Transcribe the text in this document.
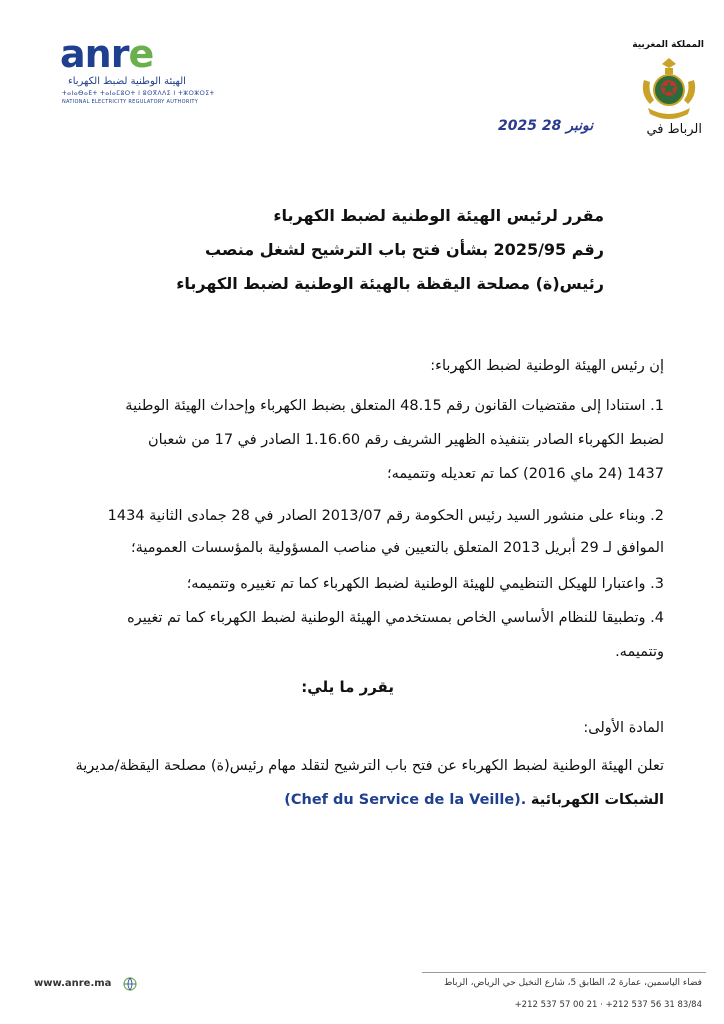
anre
الهيئة الوطنية لضبط الكهرباء
ⵜⴰⵏⴰⴱⴰⴹⵜ ⵜⴰⵏⴰⵎⵓⵔⵜ ⵏ ⵓⵙⴳⴷⴷⵉ ⵏ ⵜⵣⵔⵣⵔⵉⵜ
NATIONAL ELECTRICITY REGULATORY AUTHORITY
المملكة المغربية
الرباط في
2025 نونبر 28
مقرر لرئيس الهيئة الوطنية لضبط الكهرباء
رقم 2025/95 بشأن فتح باب الترشيح لشغل منصب
رئيس(ة) مصلحة اليقظة بالهيئة الوطنية لضبط الكهرباء
إن رئيس الهيئة الوطنية لضبط الكهرباء:
1. استنادا إلى مقتضيات القانون رقم 48.15 المتعلق بضبط الكهرباء وإحداث الهيئة الوطنية
لضبط الكهرباء الصادر بتنفيذه الظهير الشريف رقم 1.16.60 الصادر في 17 من شعبان
1437 (24 ماي 2016) كما تم تعديله وتتميمه؛
2. وبناء على منشور السيد رئيس الحكومة رقم 2013/07 الصادر في 28 جمادى الثانية 1434
الموافق لـ 29 أبريل 2013 المتعلق بالتعيين في مناصب المسؤولية بالمؤسسات العمومية؛
3. واعتبارا للهيكل التنظيمي للهيئة الوطنية لضبط الكهرباء كما تم تغييره وتتميمه؛
4. وتطبيقا للنظام الأساسي الخاص بمستخدمي الهيئة الوطنية لضبط الكهرباء كما تم تغييره
وتتميمه.
يقرر ما يلي:
المادة الأولى:
تعلن الهيئة الوطنية لضبط الكهرباء عن فتح باب الترشيح لتقلد مهام رئيس(ة) مصلحة اليقظة/مديرية
الشبكات الكهربائية (Chef du Service de la Veille).
www.anre.ma	فضاء الياسمين، عمارة 2، الطابق 5، شارع النخيل حي الرياض، الرباط
+212 537 57 00 21 · +212 537 56 31 83/84
